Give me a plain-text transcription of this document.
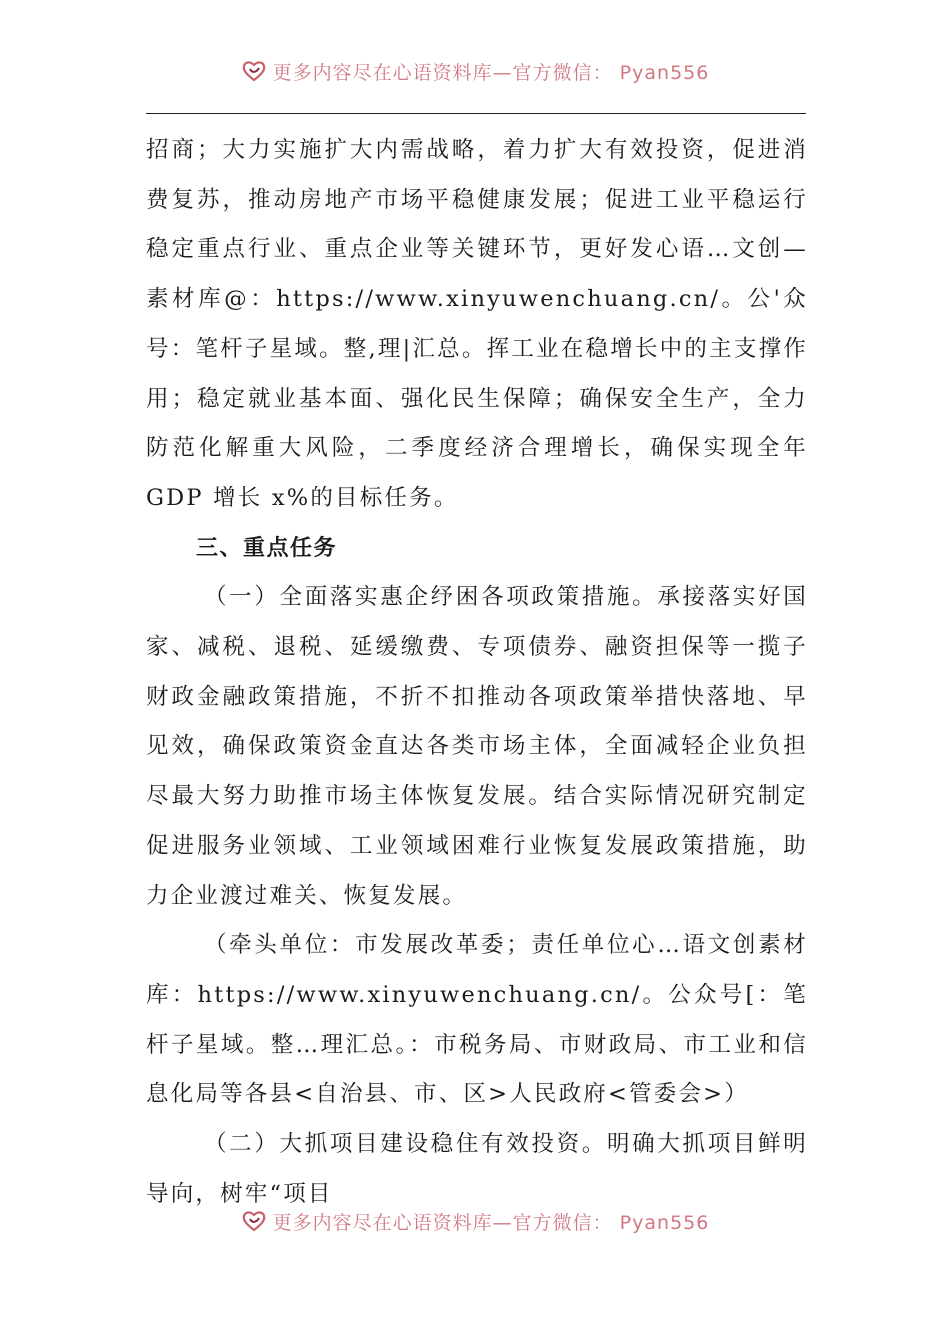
更多内容尽在心语资料库—官方微信： Pyan556

招商；大力实施扩大内需战略，着力扩大有效投资，促进消费复苏，推动房地产市场平稳健康发展；促进工业平稳运行稳定重点行业、重点企业等关键环节，更好发心语…文创—素材库@：https://www.xinyuwenchuang.cn/。公'众号：笔杆子星域。整,理|汇总。挥工业在稳增长中的主支撑作用；稳定就业基本面、强化民生保障；确保安全生产，全力防范化解重大风险，二季度经济合理增长，确保实现全年 GDP 增长 x%的目标任务。

三、重点任务

（一）全面落实惠企纾困各项政策措施。承接落实好国家、减税、退税、延缓缴费、专项债券、融资担保等一揽子财政金融政策措施，不折不扣推动各项政策举措快落地、早见效，确保政策资金直达各类市场主体，全面减轻企业负担尽最大努力助推市场主体恢复发展。结合实际情况研究制定促进服务业领域、工业领域困难行业恢复发展政策措施，助力企业渡过难关、恢复发展。

（牵头单位：市发展改革委；责任单位心…语文创素材库：https://www.xinyuwenchuang.cn/。公众号[：笔杆子星域。整…理汇总。：市税务局、市财政局、市工业和信息化局等各县<自治县、市、区>人民政府<管委会>）

（二）大抓项目建设稳住有效投资。明确大抓项目鲜明导向，树牢“项目

更多内容尽在心语资料库—官方微信： Pyan556
